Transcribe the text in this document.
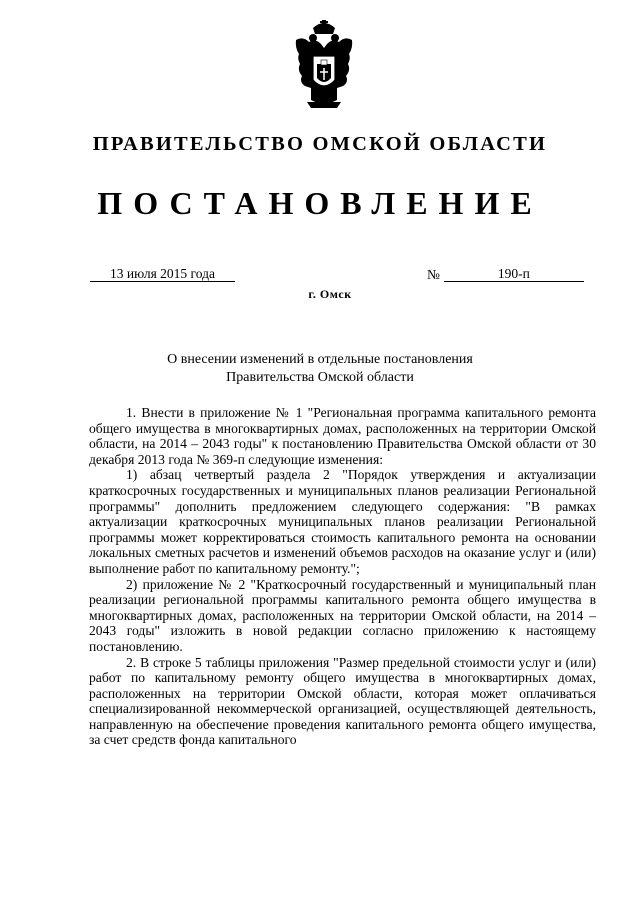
ПРАВИТЕЛЬСТВО ОМСКОЙ ОБЛАСТИ
ПОСТАНОВЛЕНИЕ
13 июля 2015 года	№	190-п
г. Омск
О внесении изменений в отдельные постановления
Правительства Омской области

1. Внести в приложение № 1 "Региональная программа капитального ремонта общего имущества в многоквартирных домах, расположенных на территории Омской области, на 2014 – 2043 годы" к постановлению Правительства Омской области от 30 декабря 2013 года № 369-п следующие изменения:

1) абзац четвертый раздела 2 "Порядок утверждения и актуализации краткосрочных государственных и муниципальных планов реализации Региональной программы" дополнить предложением следующего содержания: "В рамках актуализации краткосрочных муниципальных планов реализации Региональной программы может корректироваться стоимость капитального ремонта на основании локальных сметных расчетов и изменений объемов расходов на оказание услуг и (или) выполнение работ по капитальному ремонту.";

2) приложение № 2 "Краткосрочный государственный и муниципальный план реализации региональной программы капитального ремонта общего имущества в многоквартирных домах, расположенных на территории Омской области, на 2014 – 2043 годы" изложить в новой редакции согласно приложению к настоящему постановлению.

2. В строке 5 таблицы приложения "Размер предельной стоимости услуг и (или) работ по капитальному ремонту общего имущества в многоквартирных домах, расположенных на территории Омской области, которая может оплачиваться специализированной некоммерческой организацией, осуществляющей деятельность, направленную на обеспечение проведения капитального ремонта общего имущества, за счет средств фонда капитального
